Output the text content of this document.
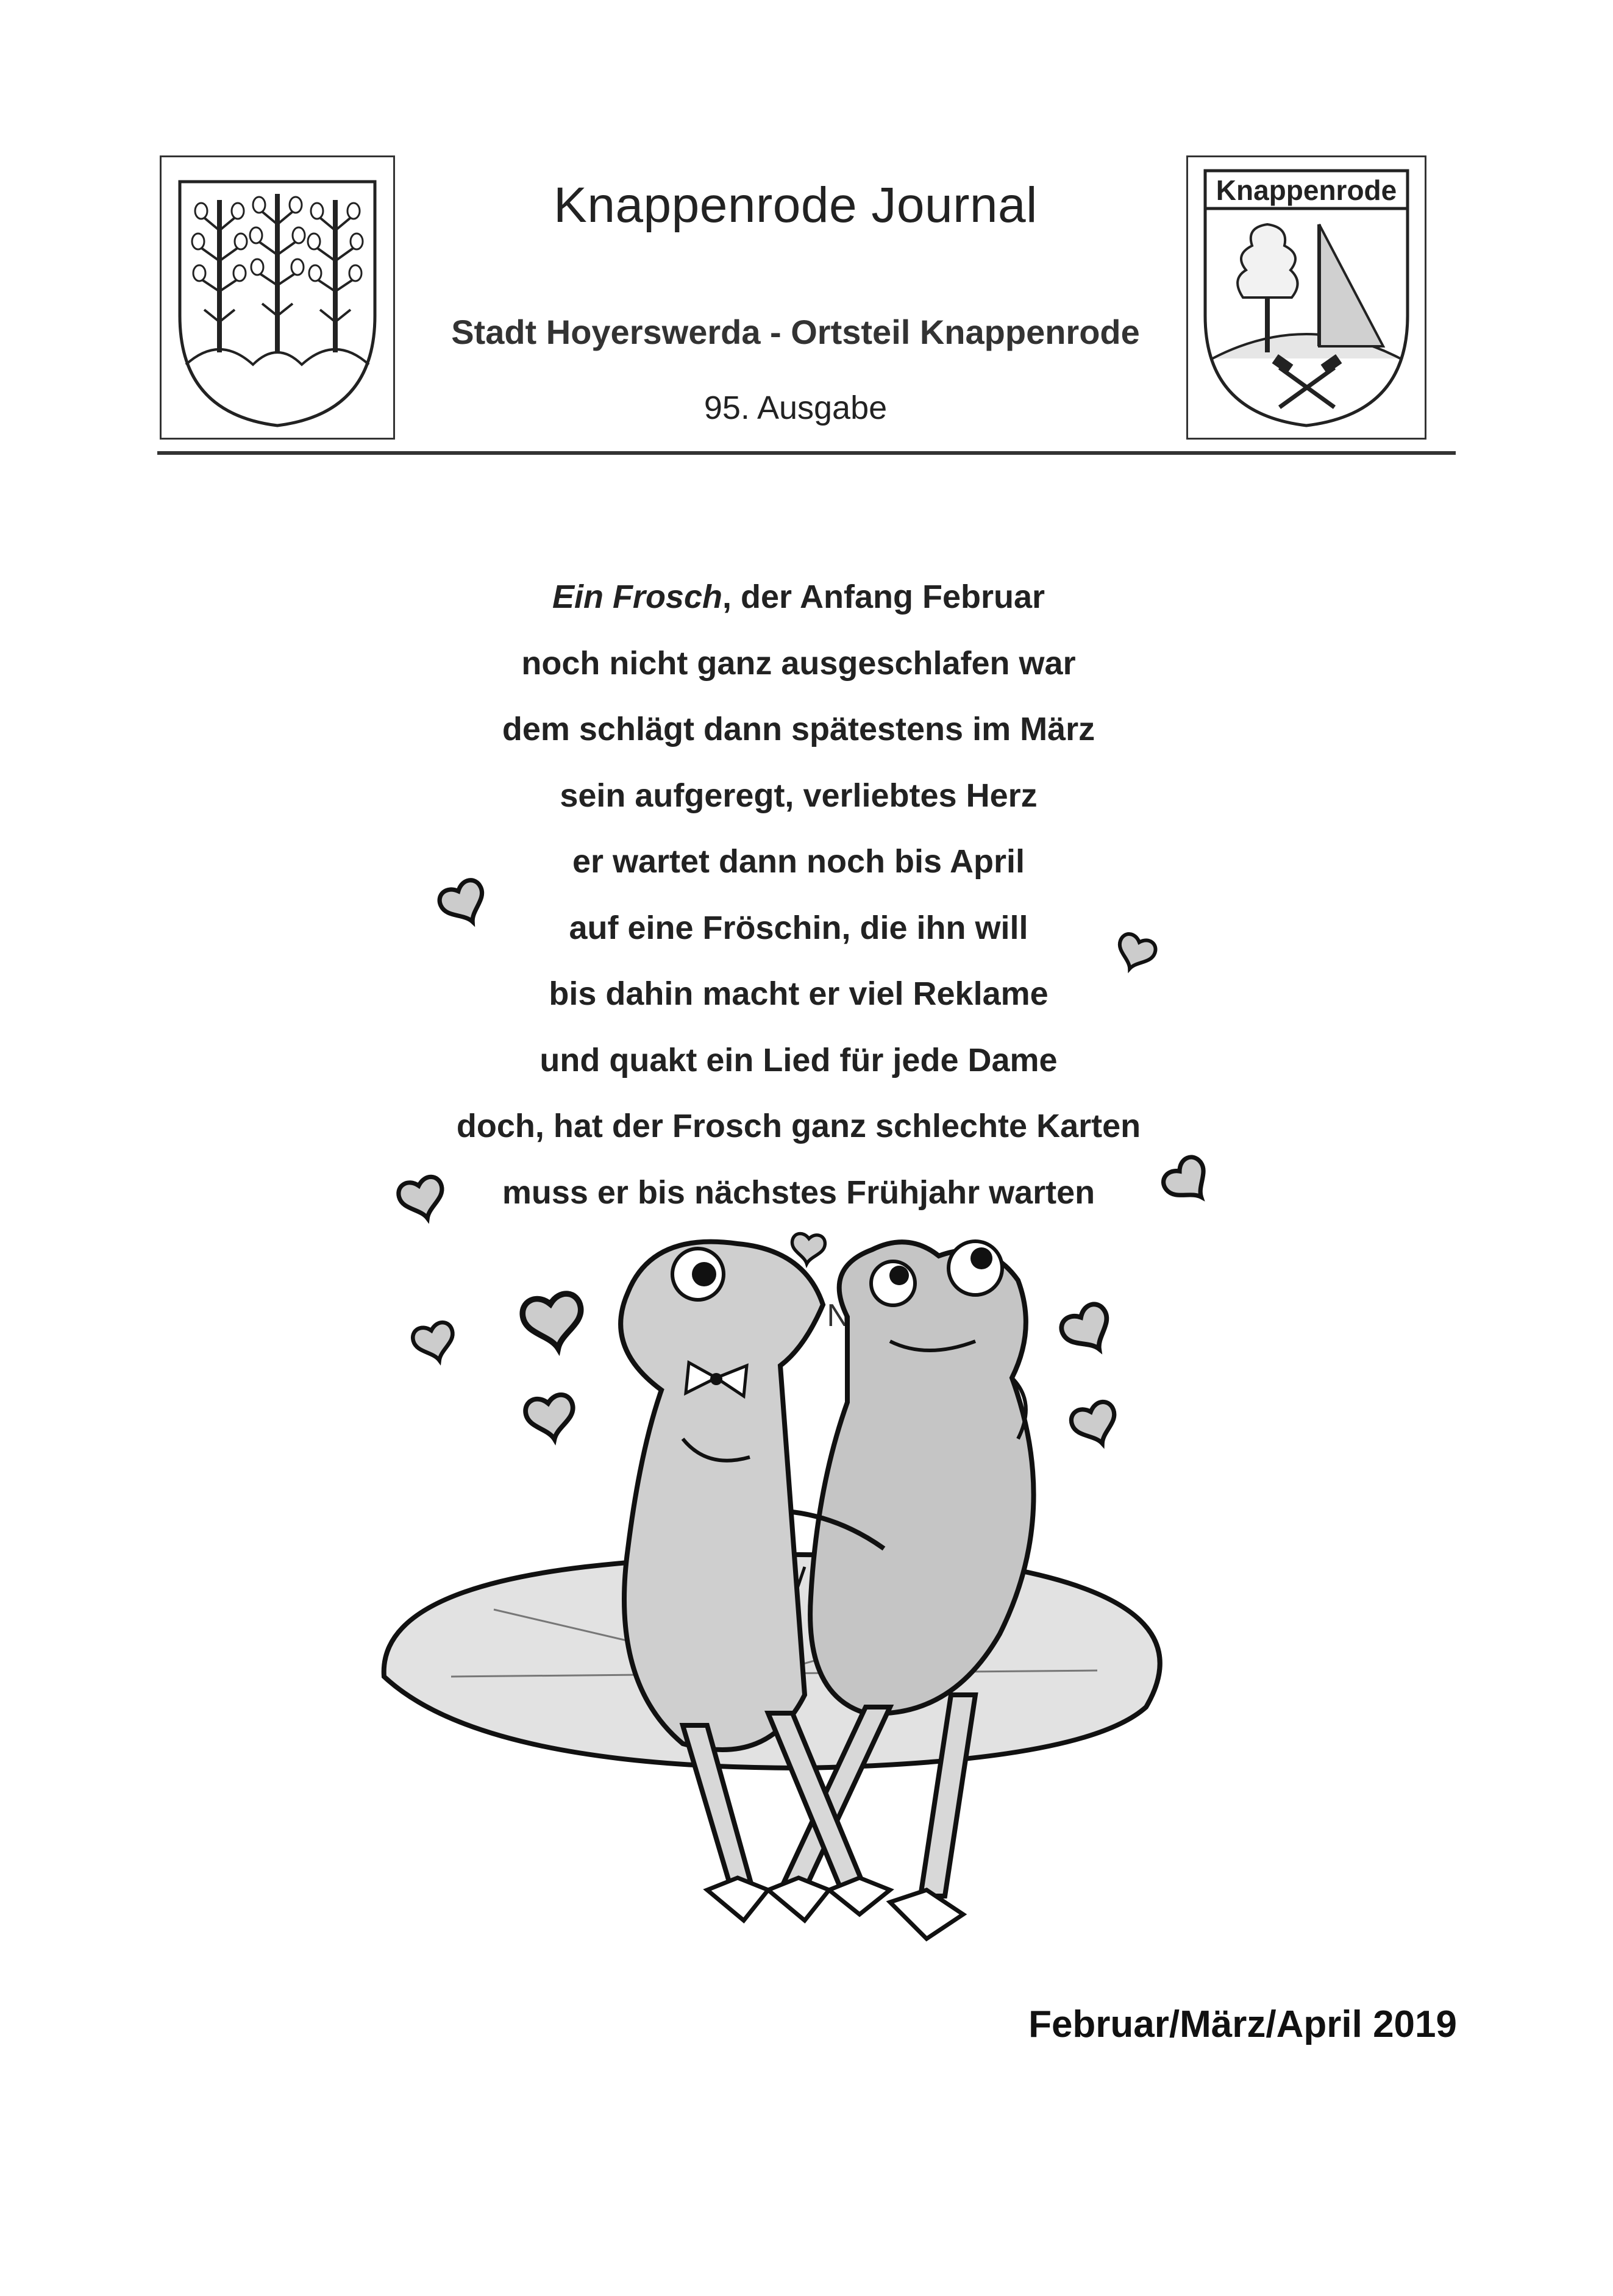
Knappenrode Journal
Stadt Hoyerswerda - Ortsteil Knappenrode
95. Ausgabe
Knappenrode
Ein Frosch, der Anfang Februar
noch nicht ganz ausgeschlafen war
dem schlägt dann spätestens im März
sein aufgeregt, verliebtes Herz
er wartet dann noch bis April
auf eine Fröschin, die ihn will
bis dahin macht er viel Reklame
und quakt ein Lied für jede Dame
doch, hat der Frosch ganz schlechte Karten
muss er bis nächstes Frühjahr warten
Februar/März/April 2019
